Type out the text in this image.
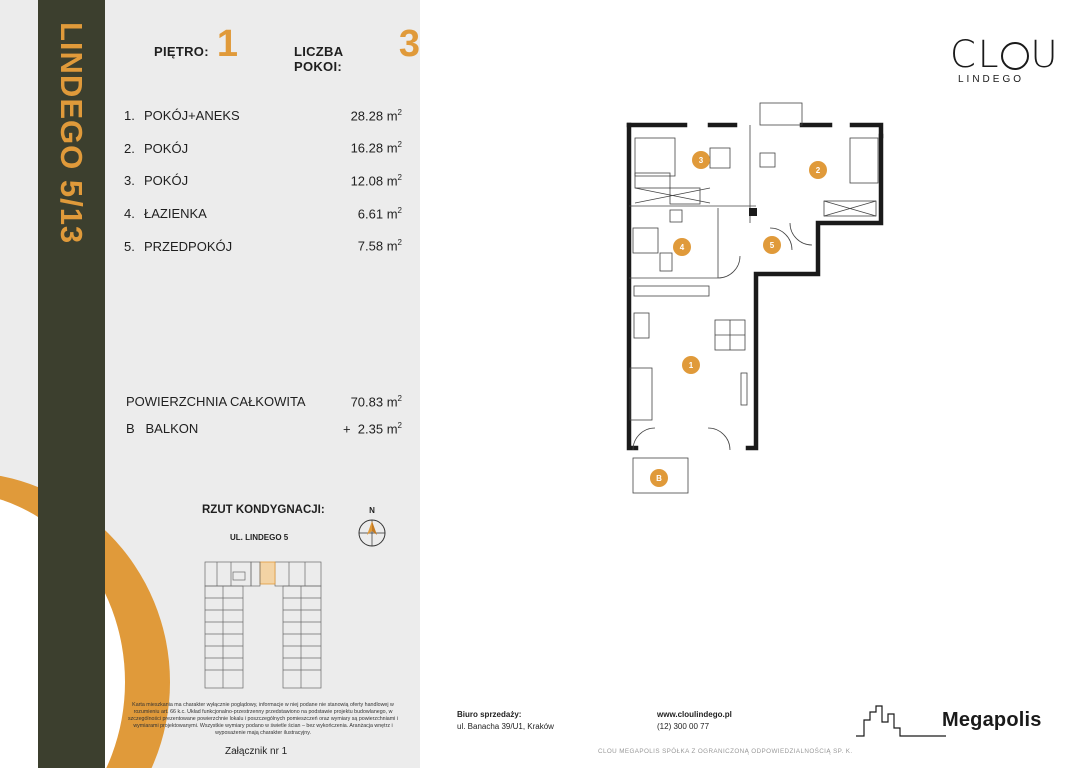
LINDEGO 5/13	PIĘTRO: 1	LICZBA POKOI:
3
1. POKÓJ+ANEKS	28.28 $m^2$
2. POKÓJ	16.28 $m^2$
3. POKÓJ	12.08 $m^2$
4. ŁAZIENKA	6.61 $m^2$
5. PRZEDPOKÓJ	7.58 $m^2$
POWIERZCHNIA CAŁKOWITA	70.83 $m^2$
B   BALKON	+  2.35 $m^2$
RZUT KONDYGNACJI:	N
UL. LINDEGO 5
Karta mieszkania ma charakter wyłącznie poglądowy, informacje w niej podane nie stanowią oferty handlowej w rozumieniu art. 66 k.c. Układ funkcjonalno-przestrzenny przedstawiono na podstawie projektu budowlanego, w szczególności prezentowane powierzchnie lokalu i poszczególnych pomieszczeń oraz wymiary są powierzchniami i wymiarami projektowanymi. Wszystkie wymiary podano w świetle ścian – bez wykończenia. Aranżacja wnętrz i wyposażenie mają charakter ilustracyjny.
Załącznik nr 1
CL U
LINDEGO
1
2
3
4	5
B
Biuro sprzedaży:
ul. Banacha 39/U1, Kraków
www.cloulindego.pl
(12) 300 00 77	Megapolis
CLOU MEGAPOLIS SPÓŁKA Z OGRANICZONĄ ODPOWIEDZIALNOŚCIĄ SP. K.
